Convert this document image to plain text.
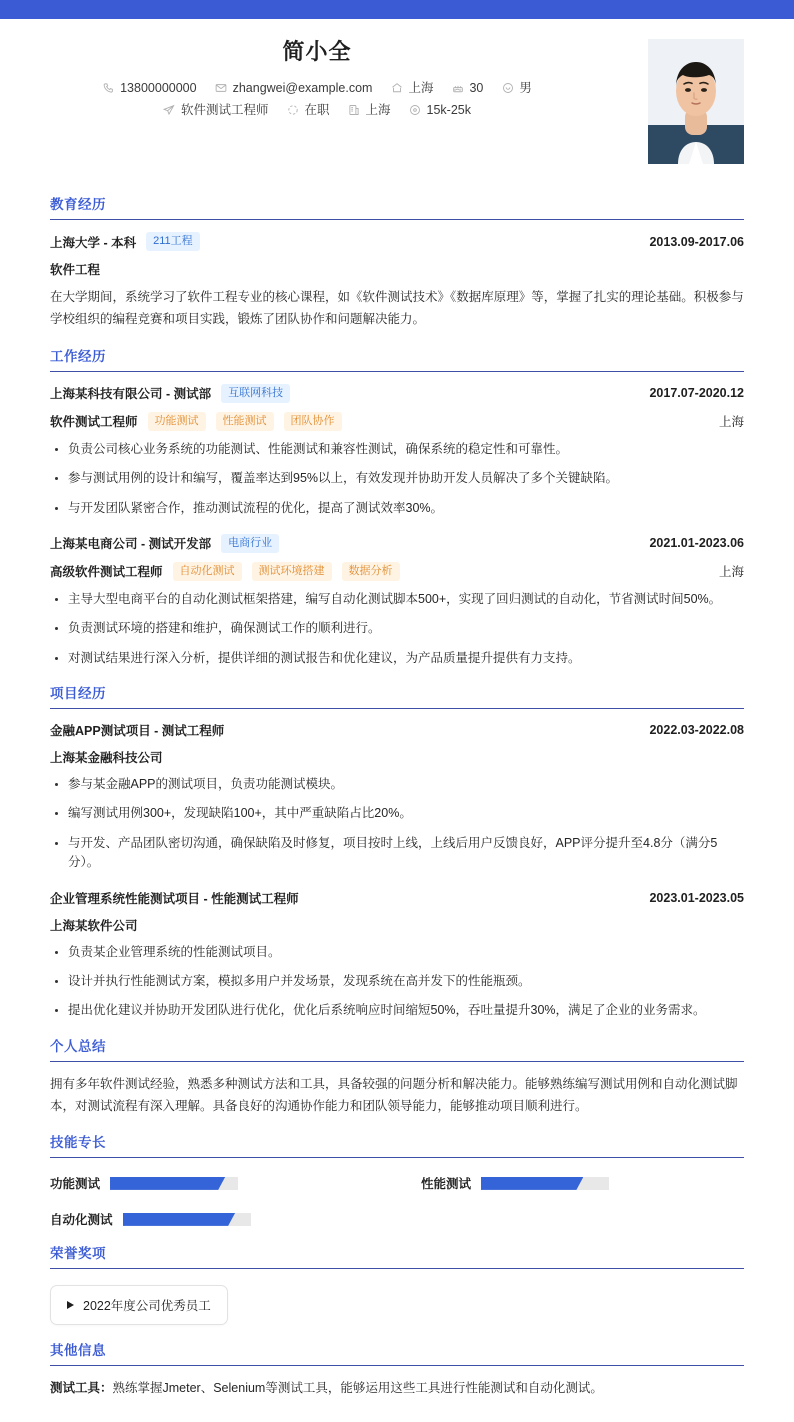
简小全
13800000000	zhangwei@example.com	上海	30	男
软件测试工程师	在职	上海	15k-25k
教育经历
上海大学 - 本科	211工程	2013.09-2017.06
软件工程

在大学期间，系统学习了软件工程专业的核心课程，如《软件测试技术》《数据库原理》等，掌握了扎实的理论基础。积极参与学校组织的编程竞赛和项目实践，锻炼了团队协作和问题解决能力。

工作经历
上海某科技有限公司 - 测试部	互联网科技	2017.07-2020.12
软件测试工程师	功能测试	性能测试	团队协作	上海
负责公司核心业务系统的功能测试、性能测试和兼容性测试，确保系统的稳定性和可靠性。
参与测试用例的设计和编写，覆盖率达到95%以上，有效发现并协助开发人员解决了多个关键缺陷。
与开发团队紧密合作，推动测试流程的优化，提高了测试效率30%。
上海某电商公司 - 测试开发部	电商行业	2021.01-2023.06
高级软件测试工程师	自动化测试	测试环境搭建	数据分析	上海
主导大型电商平台的自动化测试框架搭建，编写自动化测试脚本500+，实现了回归测试的自动化，节省测试时间50%。
负责测试环境的搭建和维护，确保测试工作的顺利进行。
对测试结果进行深入分析，提供详细的测试报告和优化建议，为产品质量提升提供有力支持。
项目经历
金融APP测试项目 - 测试工程师	2022.03-2022.08
上海某金融科技公司
参与某金融APP的测试项目，负责功能测试模块。
编写测试用例300+，发现缺陷100+，其中严重缺陷占比20%。
与开发、产品团队密切沟通，确保缺陷及时修复，项目按时上线，上线后用户反馈良好，APP评分提升至4.8分（满分5分）。
企业管理系统性能测试项目 - 性能测试工程师	2023.01-2023.05
上海某软件公司
负责某企业管理系统的性能测试项目。
设计并执行性能测试方案，模拟多用户并发场景，发现系统在高并发下的性能瓶颈。
提出优化建议并协助开发团队进行优化，优化后系统响应时间缩短50%，吞吐量提升30%，满足了企业的业务需求。
个人总结

拥有多年软件测试经验，熟悉多种测试方法和工具，具备较强的问题分析和解决能力。能够熟练编写测试用例和自动化测试脚本，对测试流程有深入理解。具备良好的沟通协作能力和团队领导能力，能够推动项目顺利进行。

技能专长
功能测试	性能测试
自动化测试
荣誉奖项
2022年度公司优秀员工
其他信息
测试工具：熟练掌握Jmeter、Selenium等测试工具，能够运用这些工具进行性能测试和自动化测试。
